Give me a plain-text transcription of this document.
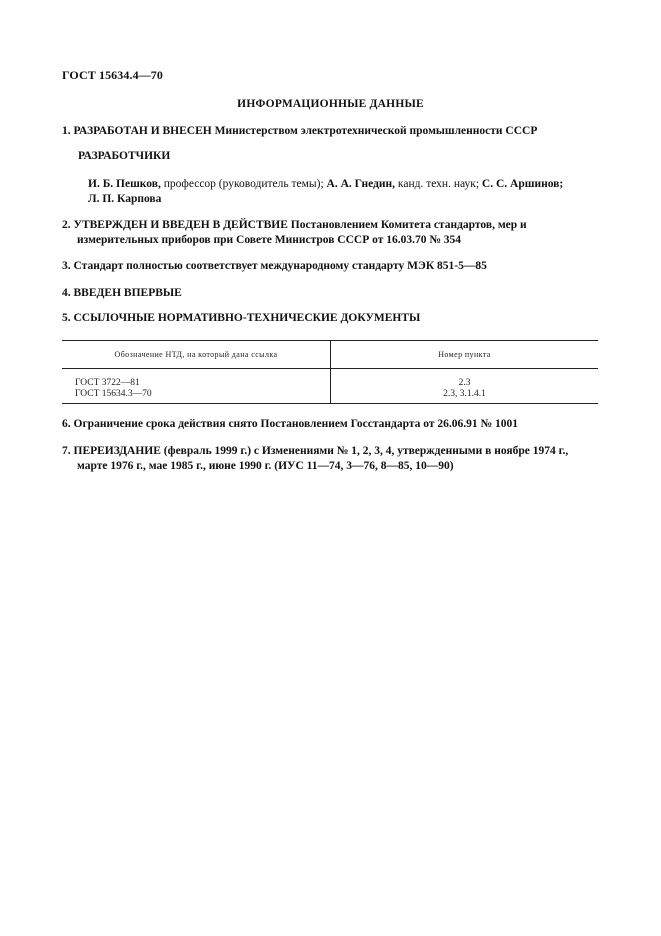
ГОСТ 15634.4—70
ИНФОРМАЦИОННЫЕ ДАННЫЕ
1. РАЗРАБОТАН И ВНЕСЕН Министерством электротехнической промышленности СССР
РАЗРАБОТЧИКИ
И. Б. Пешков, профессор (руководитель темы); А. А. Гнедин, канд. техн. наук; С. С. Аршинов;
Л. П. Карпова
2. УТВЕРЖДЕН И ВВЕДЕН В ДЕЙСТВИЕ Постановлением Комитета стандартов, мер и
измерительных приборов при Совете Министров СССР от 16.03.70 № 354
3. Стандарт полностью соответствует международному стандарту МЭК 851-5—85
4. ВВЕДЕН ВПЕРВЫЕ
5. ССЫЛОЧНЫЕ НОРМАТИВНО-ТЕХНИЧЕСКИЕ ДОКУМЕНТЫ
Обозначение НТД, на который дана ссылка	Номер пункта
ГОСТ 3722—81	2.3
ГОСТ 15634.3—70	2.3, 3.1.4.1
6. Ограничение срока действия снято Постановлением Госстандарта от 26.06.91 № 1001
7. ПЕРЕИЗДАНИЕ (февраль 1999 г.) с Изменениями № 1, 2, 3, 4, утвержденными в ноябре 1974 г.,
марте 1976 г., мае 1985 г., июне 1990 г. (ИУС 11—74, 3—76, 8—85, 10—90)
